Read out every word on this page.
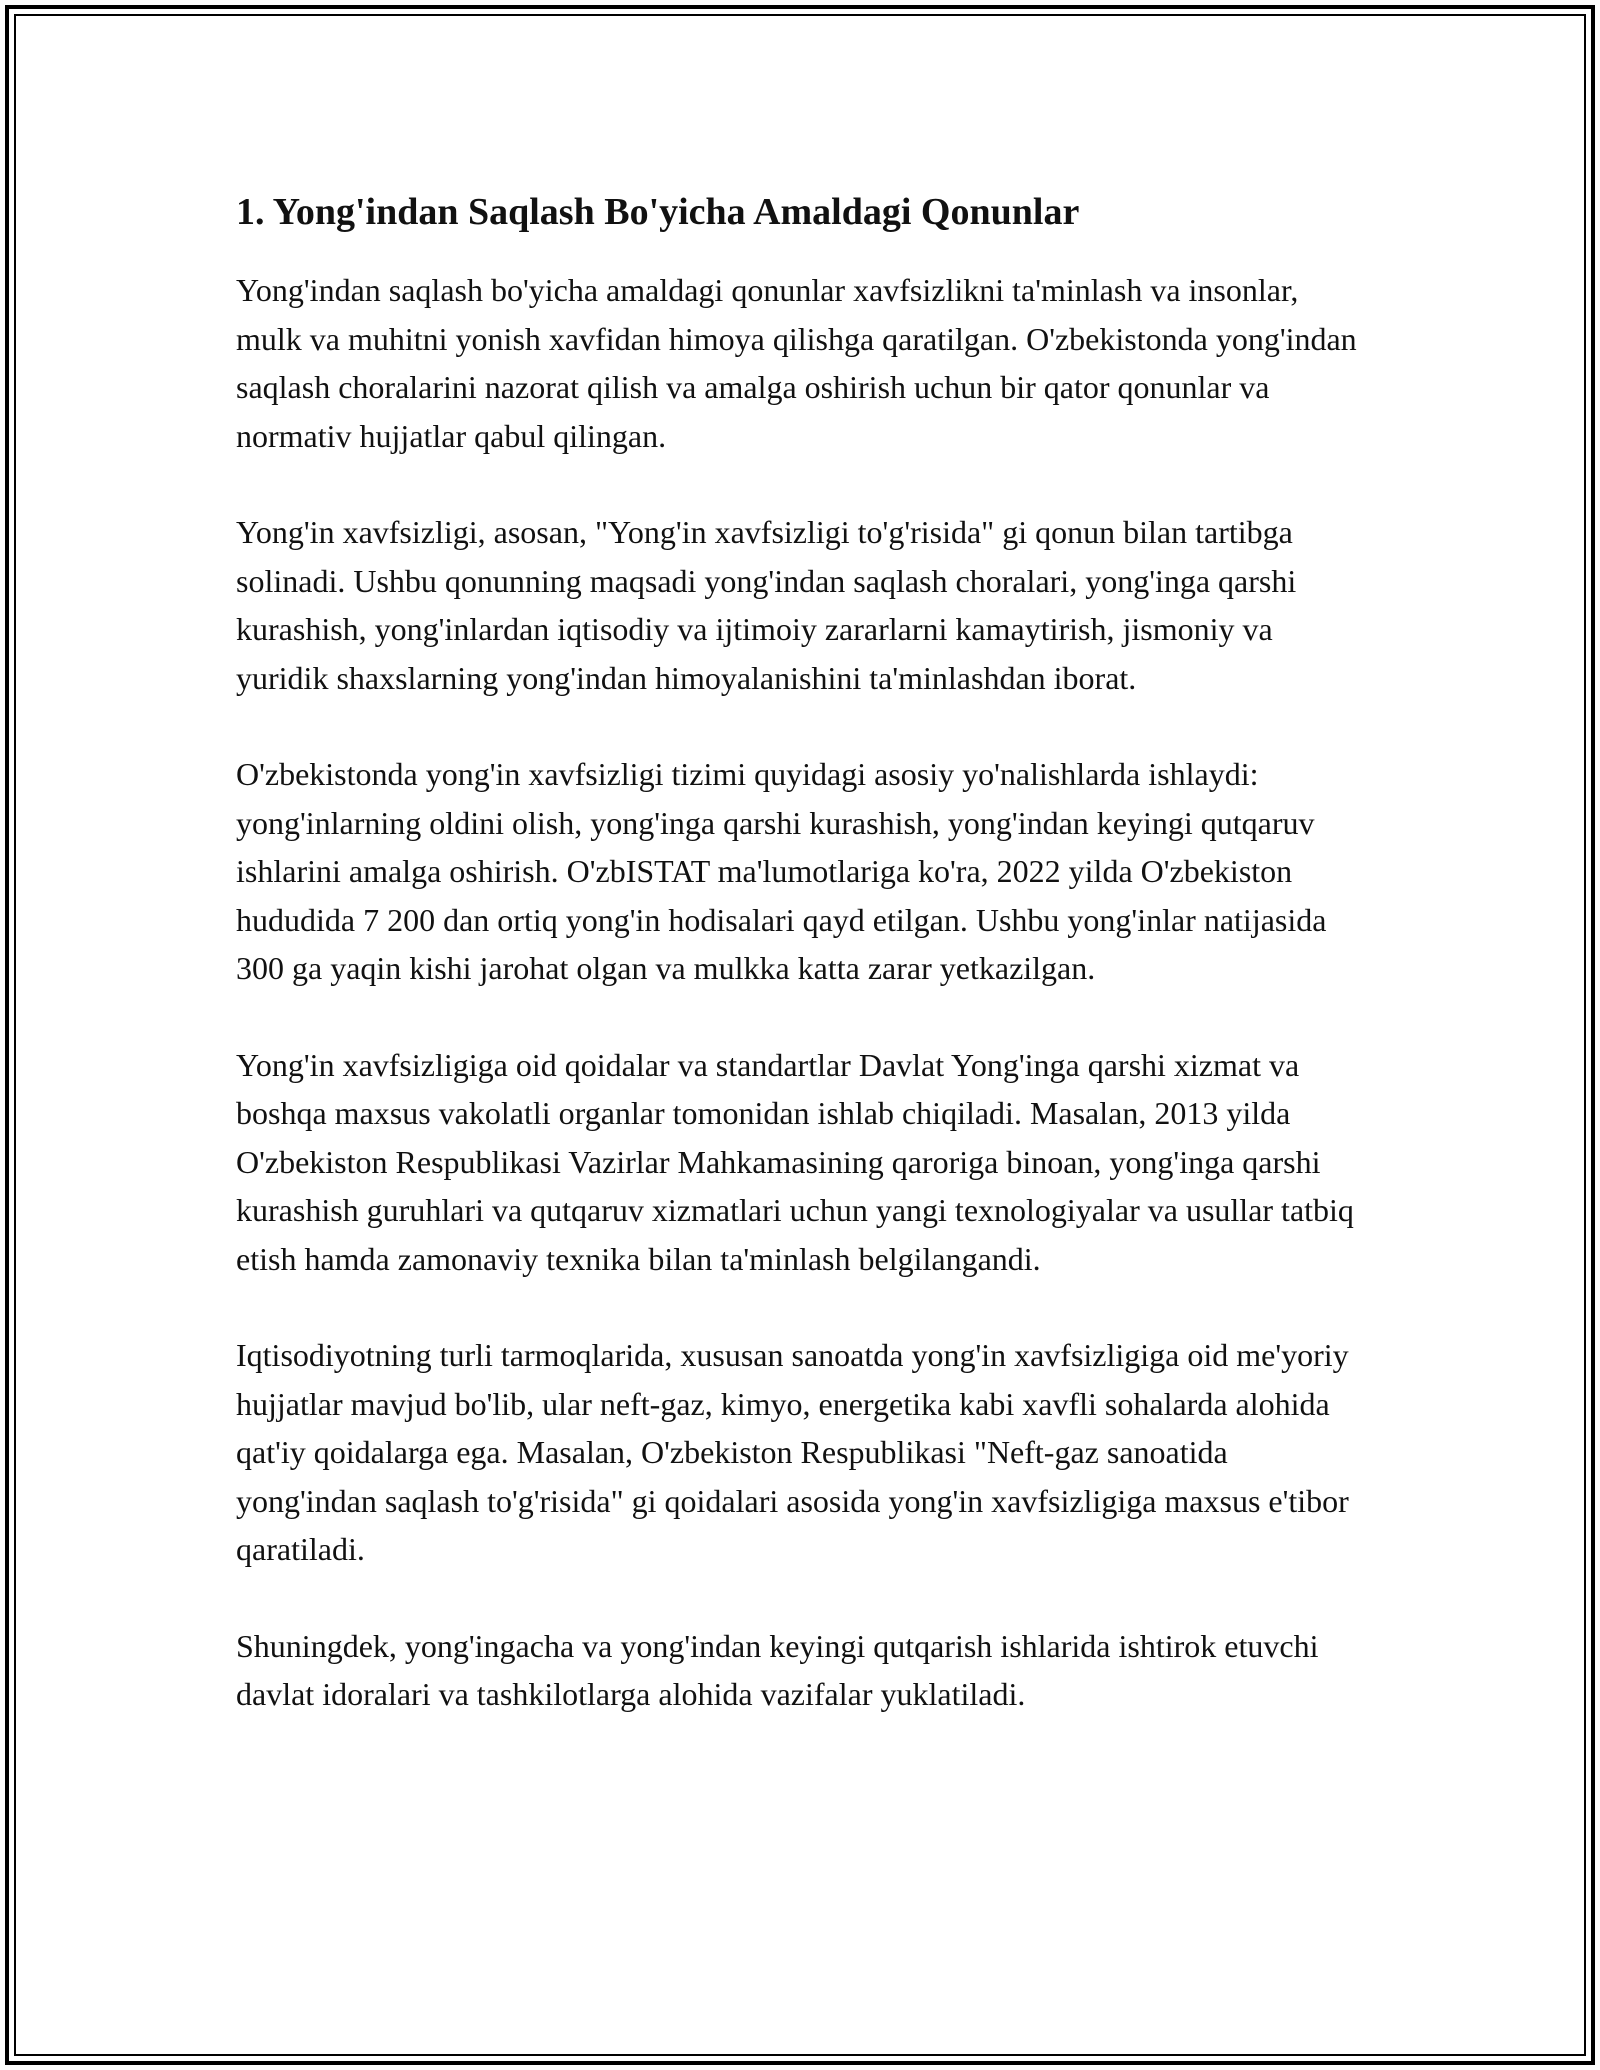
1. Yong'indan Saqlash Bo'yicha Amaldagi Qonunlar

Yong'indan saqlash bo'yicha amaldagi qonunlar xavfsizlikni ta'minlash va insonlar, mulk va muhitni yonish xavfidan himoya qilishga qaratilgan. O'zbekistonda yong'indan saqlash choralarini nazorat qilish va amalga oshirish uchun bir qator qonunlar va normativ hujjatlar qabul qilingan.

Yong'in xavfsizligi, asosan, "Yong'in xavfsizligi to'g'risida" gi qonun bilan tartibga solinadi. Ushbu qonunning maqsadi yong'indan saqlash choralari, yong'inga qarshi kurashish, yong'inlardan iqtisodiy va ijtimoiy zararlarni kamaytirish, jismoniy va yuridik shaxslarning yong'indan himoyalanishini ta'minlashdan iborat.

O'zbekistonda yong'in xavfsizligi tizimi quyidagi asosiy yo'nalishlarda ishlaydi: yong'inlarning oldini olish, yong'inga qarshi kurashish, yong'indan keyingi qutqaruv ishlarini amalga oshirish. O'zbISTAT ma'lumotlariga ko'ra, 2022 yilda O'zbekiston hududida 7 200 dan ortiq yong'in hodisalari qayd etilgan. Ushbu yong'inlar natijasida 300 ga yaqin kishi jarohat olgan va mulkka katta zarar yetkazilgan.

Yong'in xavfsizligiga oid qoidalar va standartlar Davlat Yong'inga qarshi xizmat va boshqa maxsus vakolatli organlar tomonidan ishlab chiqiladi. Masalan, 2013 yilda O'zbekiston Respublikasi Vazirlar Mahkamasining qaroriga binoan, yong'inga qarshi kurashish guruhlari va qutqaruv xizmatlari uchun yangi texnologiyalar va usullar tatbiq etish hamda zamonaviy texnika bilan ta'minlash belgilangandi.

Iqtisodiyotning turli tarmoqlarida, xususan sanoatda yong'in xavfsizligiga oid me'yoriy hujjatlar mavjud bo'lib, ular neft-gaz, kimyo, energetika kabi xavfli sohalarda alohida qat'iy qoidalarga ega. Masalan, O'zbekiston Respublikasi "Neft-gaz sanoatida yong'indan saqlash to'g'risida" gi qoidalari asosida yong'in xavfsizligiga maxsus e'tibor qaratiladi.

Shuningdek, yong'ingacha va yong'indan keyingi qutqarish ishlarida ishtirok etuvchi davlat idoralari va tashkilotlarga alohida vazifalar yuklatiladi.
